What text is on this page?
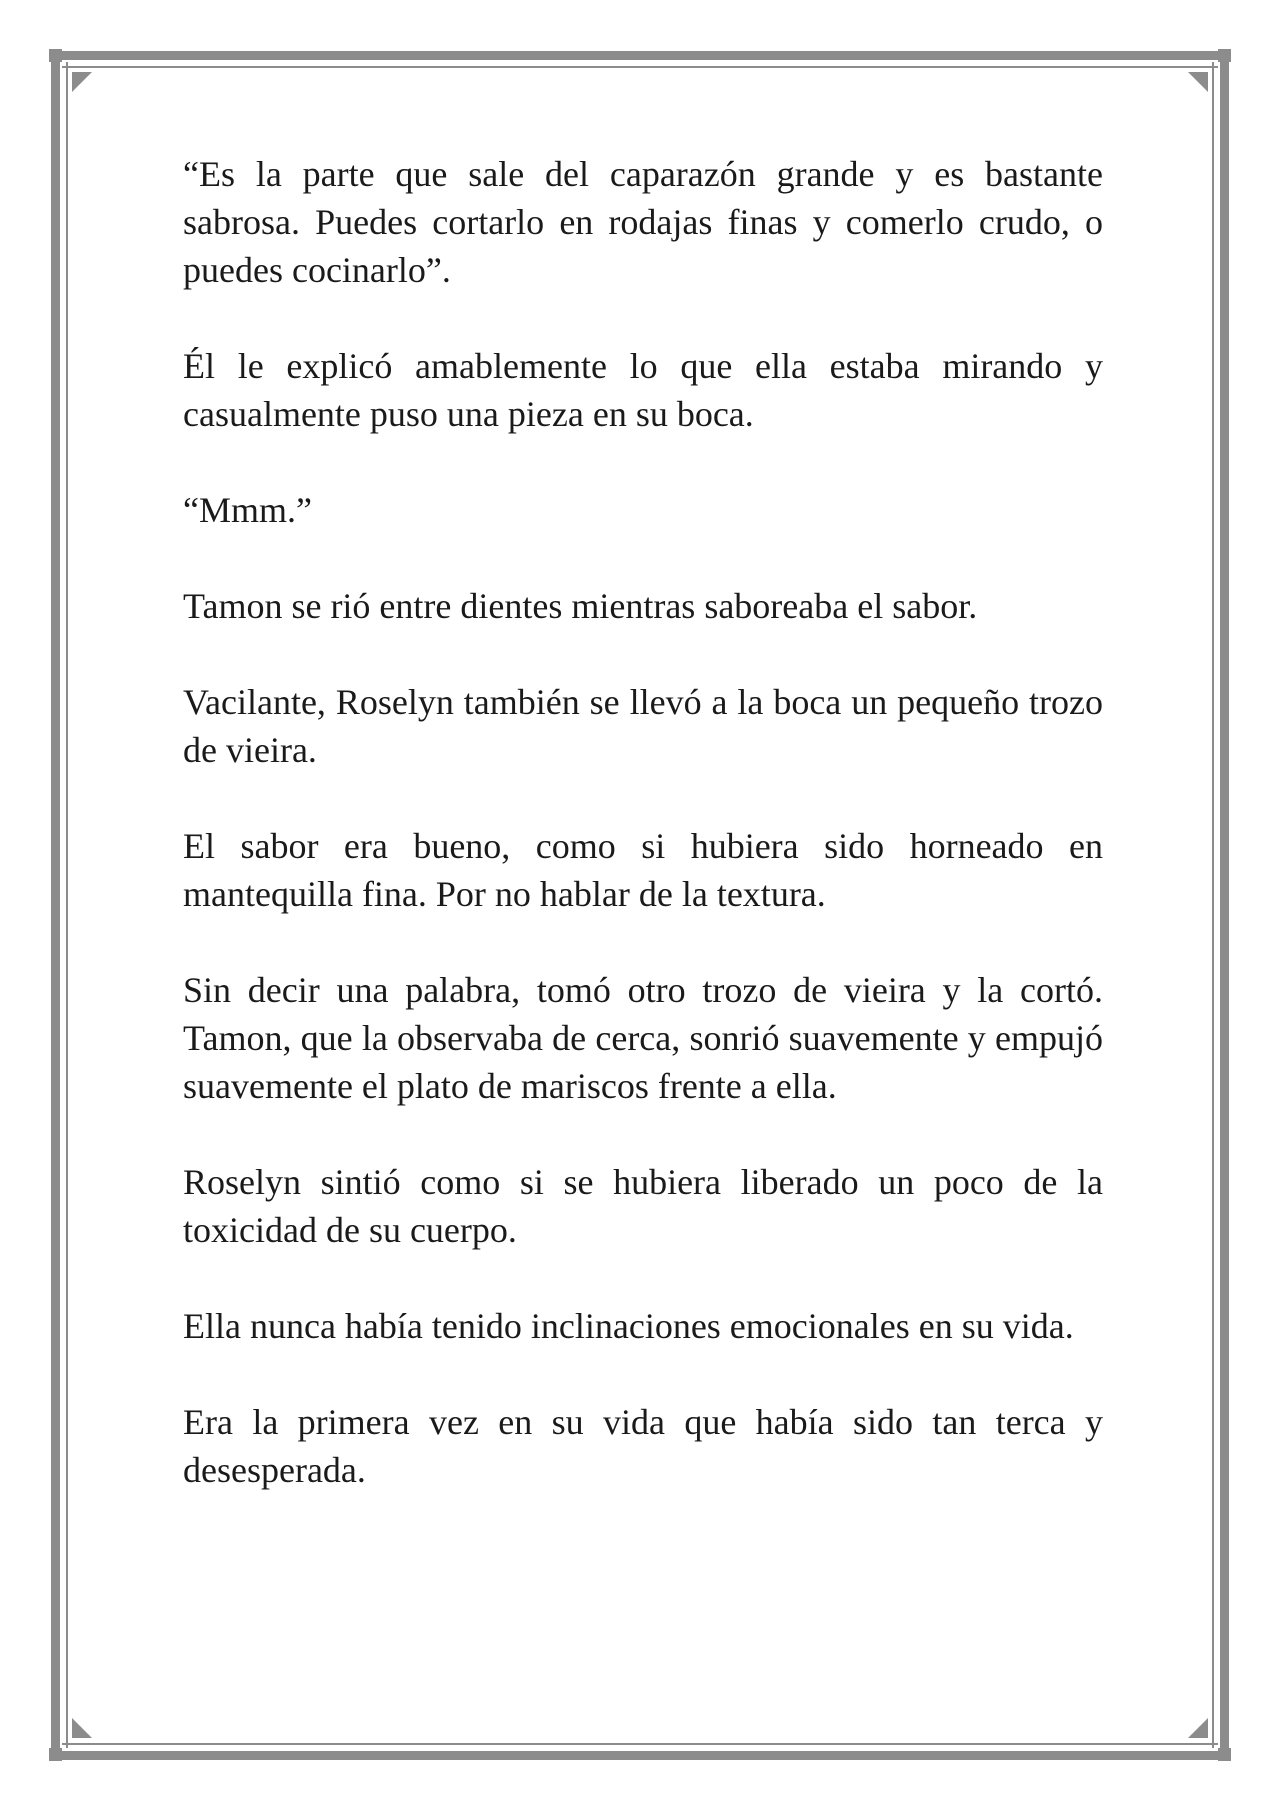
“Es la parte que sale del caparazón grande y es bastante sabrosa. Puedes cortarlo en rodajas finas y comerlo crudo, o puedes cocinarlo”.

Él le explicó amablemente lo que ella estaba mirando y casualmente puso una pieza en su boca.

“Mmm.”

Tamon se rió entre dientes mientras saboreaba el sabor.

Vacilante, Roselyn también se llevó a la boca un pequeño trozo de vieira.

El sabor era bueno, como si hubiera sido horneado en mantequilla fina. Por no hablar de la textura.

Sin decir una palabra, tomó otro trozo de vieira y la cortó. Tamon, que la observaba de cerca, sonrió suavemente y empujó suavemente el plato de mariscos frente a ella.

Roselyn sintió como si se hubiera liberado un poco de la toxicidad de su cuerpo.

Ella nunca había tenido inclinaciones emocionales en su vida.

Era la primera vez en su vida que había sido tan terca y desesperada.
